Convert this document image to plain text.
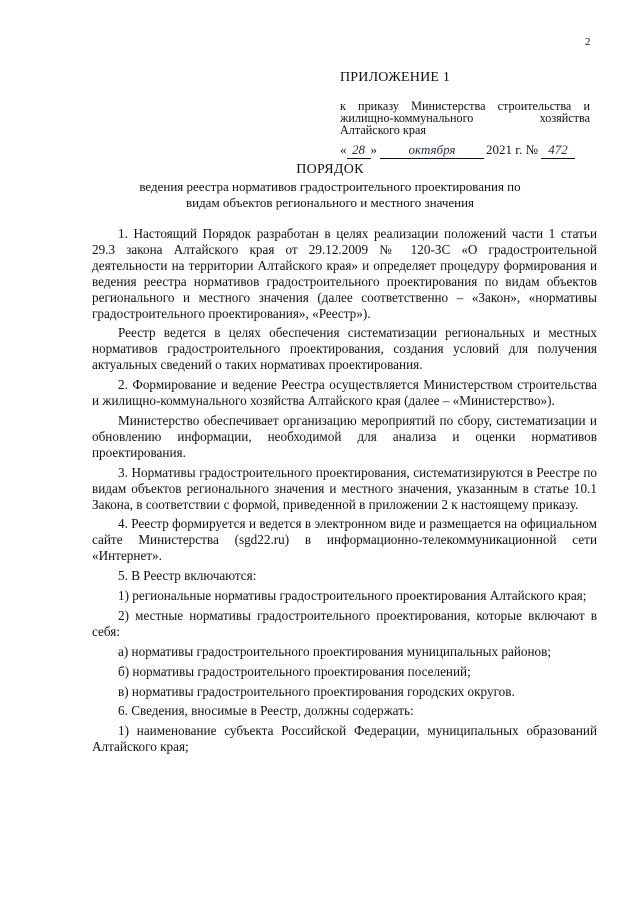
2
ПРИЛОЖЕНИЕ 1
к приказу Министерства строительства и
жилищно-коммунального хозяйства
Алтайского края
« 28 »	октября	2021 г. № 472
ПОРЯДОК
ведения реестра нормативов градостроительного проектирования по
видам объектов регионального и местного значения

1. Настоящий Порядок разработан в целях реализации положений части 1 статьи 29.3 закона Алтайского края от 29.12.2009 № 120-ЗС «О градостроительной деятельности на территории Алтайского края» и определяет процедуру формирования и ведения реестра нормативов градостроительного проектирования по видам объектов регионального и местного значения (далее соответственно – «Закон», «нормативы градостроительного проектирования», «Реестр»).

Реестр ведется в целях обеспечения систематизации региональных и местных нормативов градостроительного проектирования, создания условий для получения актуальных сведений о таких нормативах проектирования.

2. Формирование и ведение Реестра осуществляется Министерством строительства и жилищно-коммунального хозяйства Алтайского края (далее – «Министерство»).

Министерство обеспечивает организацию мероприятий по сбору, систематизации и обновлению информации, необходимой для анализа и оценки нормативов проектирования.

3. Нормативы градостроительного проектирования, систематизируются в Реестре по видам объектов регионального значения и местного значения, указанным в статье 10.1 Закона, в соответствии с формой, приведенной в приложении 2 к настоящему приказу.

4. Реестр формируется и ведется в электронном виде и размещается на официальном сайте Министерства (sgd22.ru) в информационно-телекоммуникационной сети «Интернет».

5. В Реестр включаются:

1) региональные нормативы градостроительного проектирования Алтайского края;

2) местные нормативы градостроительного проектирования, которые включают в себя:

а) нормативы градостроительного проектирования муниципальных районов;

б) нормативы градостроительного проектирования поселений;

в) нормативы градостроительного проектирования городских округов.

6. Сведения, вносимые в Реестр, должны содержать:

1) наименование субъекта Российской Федерации, муниципальных образований Алтайского края;
